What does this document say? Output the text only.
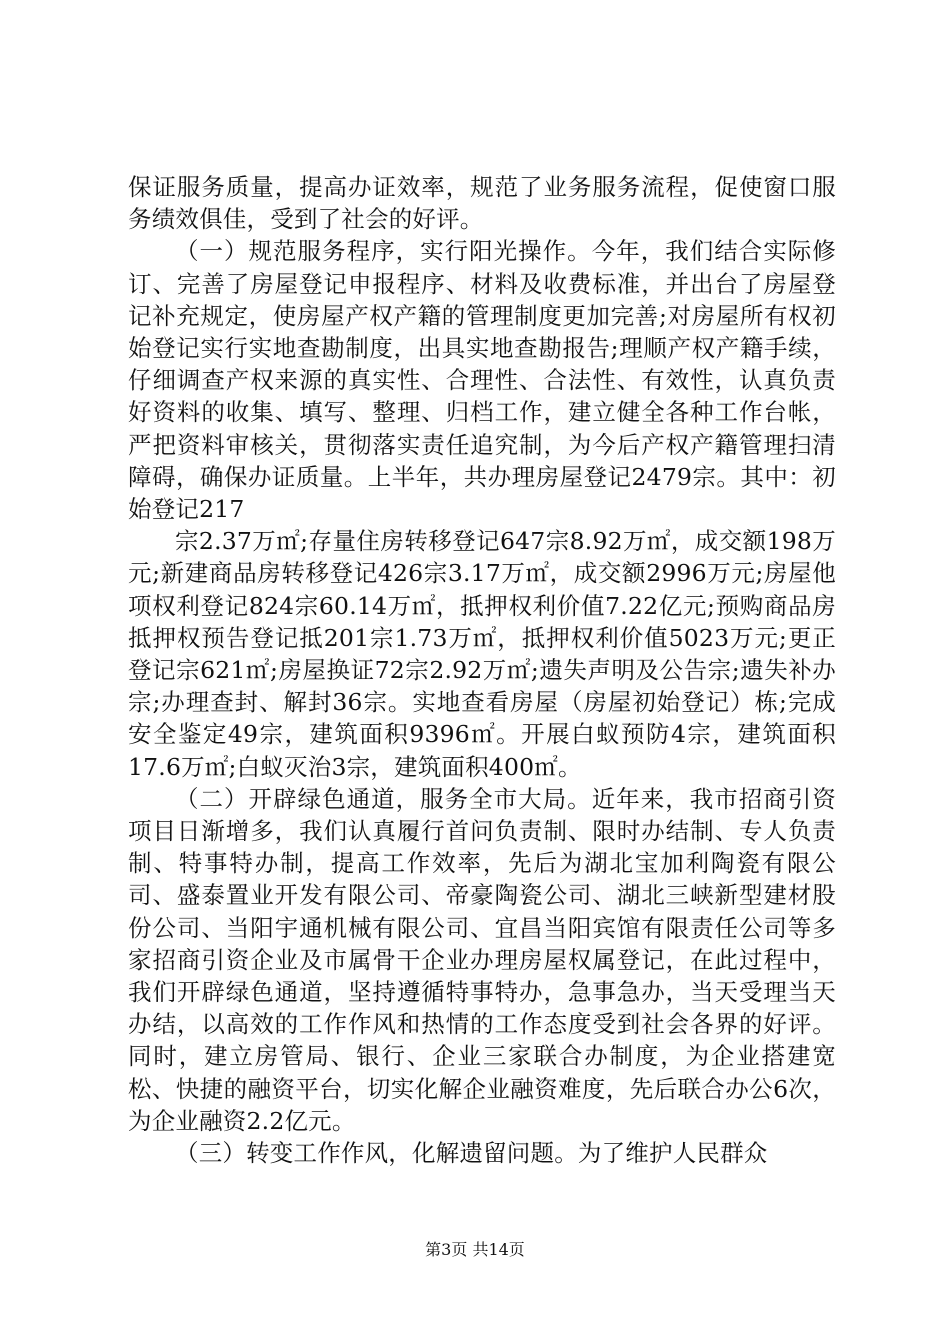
保证服务质量，提高办证效率，规范了业务服务流程，促使窗口服务绩效俱佳，受到了社会的好评。

（一）规范服务程序，实行阳光操作。今年，我们结合实际修订、完善了房屋登记申报程序、材料及收费标准，并出台了房屋登记补充规定，使房屋产权产籍的管理制度更加完善;对房屋所有权初始登记实行实地查勘制度，出具实地查勘报告;理顺产权产籍手续，仔细调查产权来源的真实性、合理性、合法性、有效性，认真负责好资料的收集、填写、整理、归档工作，建立健全各种工作台帐，严把资料审核关，贯彻落实责任追究制，为今后产权产籍管理扫清障碍，确保办证质量。上半年，共办理房屋登记2479宗。其中：初始登记217

宗2.37万㎡;存量住房转移登记647宗8.92万㎡，成交额198万元;新建商品房转移登记426宗3.17万㎡，成交额2996万元;房屋他项权利登记824宗60.14万㎡，抵押权利价值7.22亿元;预购商品房抵押权预告登记抵201宗1.73万㎡，抵押权利价值5023万元;更正登记宗621㎡;房屋换证72宗2.92万㎡;遗失声明及公告宗;遗失补办宗;办理查封、解封36宗。实地查看房屋（房屋初始登记）栋;完成安全鉴定49宗，建筑面积9396㎡。开展白蚁预防4宗，建筑面积17.6万㎡;白蚁灭治3宗，建筑面积400㎡。

（二）开辟绿色通道，服务全市大局。近年来，我市招商引资项目日渐增多，我们认真履行首问负责制、限时办结制、专人负责制、特事特办制，提高工作效率，先后为湖北宝加利陶瓷有限公司、盛泰置业开发有限公司、帝豪陶瓷公司、湖北三峡新型建材股份公司、当阳宇通机械有限公司、宜昌当阳宾馆有限责任公司等多家招商引资企业及市属骨干企业办理房屋权属登记，在此过程中，我们开辟绿色通道，坚持遵循特事特办，急事急办，当天受理当天办结，以高效的工作作风和热情的工作态度受到社会各界的好评。同时，建立房管局、银行、企业三家联合办制度，为企业搭建宽松、快捷的融资平台，切实化解企业融资难度，先后联合办公6次，为企业融资2.2亿元。

（三）转变工作作风，化解遗留问题。为了维护人民群众

第3页 共14页
